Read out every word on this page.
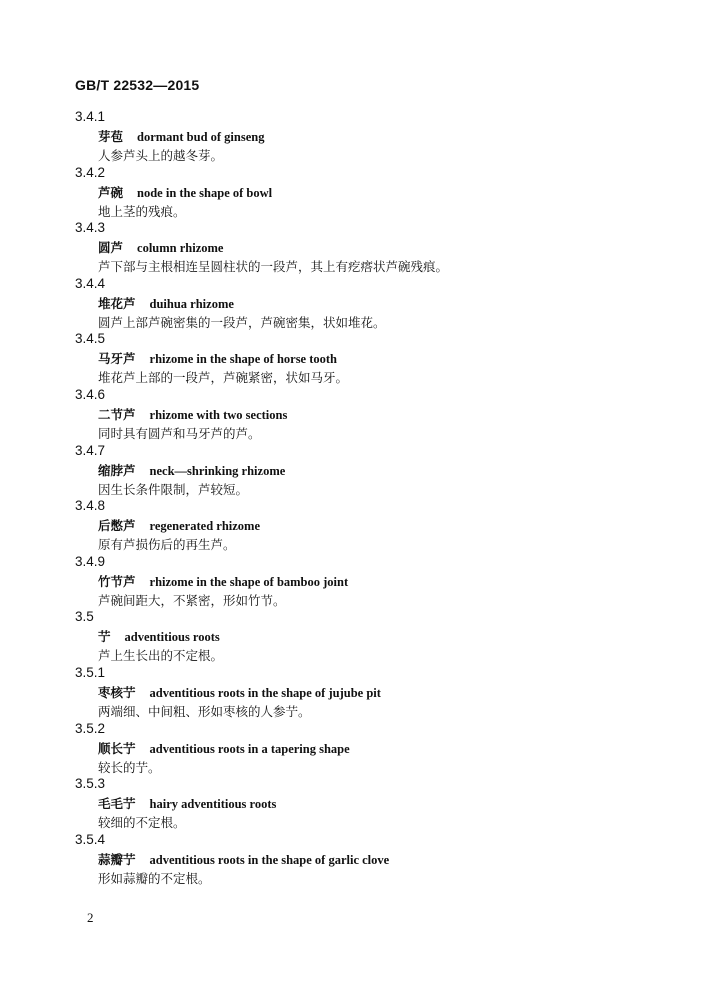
GB/T 22532—2015
3.4.1
芽苞 dormant bud of ginseng
人参芦头上的越冬芽。
3.4.2
芦碗 node in the shape of bowl
地上茎的残痕。
3.4.3
圆芦 column rhizome
芦下部与主根相连呈圆柱状的一段芦，其上有疙瘩状芦碗残痕。
3.4.4
堆花芦 duihua rhizome
圆芦上部芦碗密集的一段芦，芦碗密集，状如堆花。
3.4.5
马牙芦 rhizome in the shape of horse tooth
堆花芦上部的一段芦，芦碗紧密，状如马牙。
3.4.6
二节芦 rhizome with two sections
同时具有圆芦和马牙芦的芦。
3.4.7
缩脖芦 neck—shrinking rhizome
因生长条件限制，芦较短。
3.4.8
后憋芦 regenerated rhizome
原有芦损伤后的再生芦。
3.4.9
竹节芦 rhizome in the shape of bamboo joint
芦碗间距大，不紧密，形如竹节。
3.5
艼 adventitious roots
芦上生长出的不定根。
3.5.1
枣核艼 adventitious roots in the shape of jujube pit
两端细、中间粗、形如枣核的人参艼。
3.5.2
顺长艼 adventitious roots in a tapering shape
较长的艼。
3.5.3
毛毛艼 hairy adventitious roots
较细的不定根。
3.5.4
蒜瓣艼 adventitious roots in the shape of garlic clove
形如蒜瓣的不定根。
2
